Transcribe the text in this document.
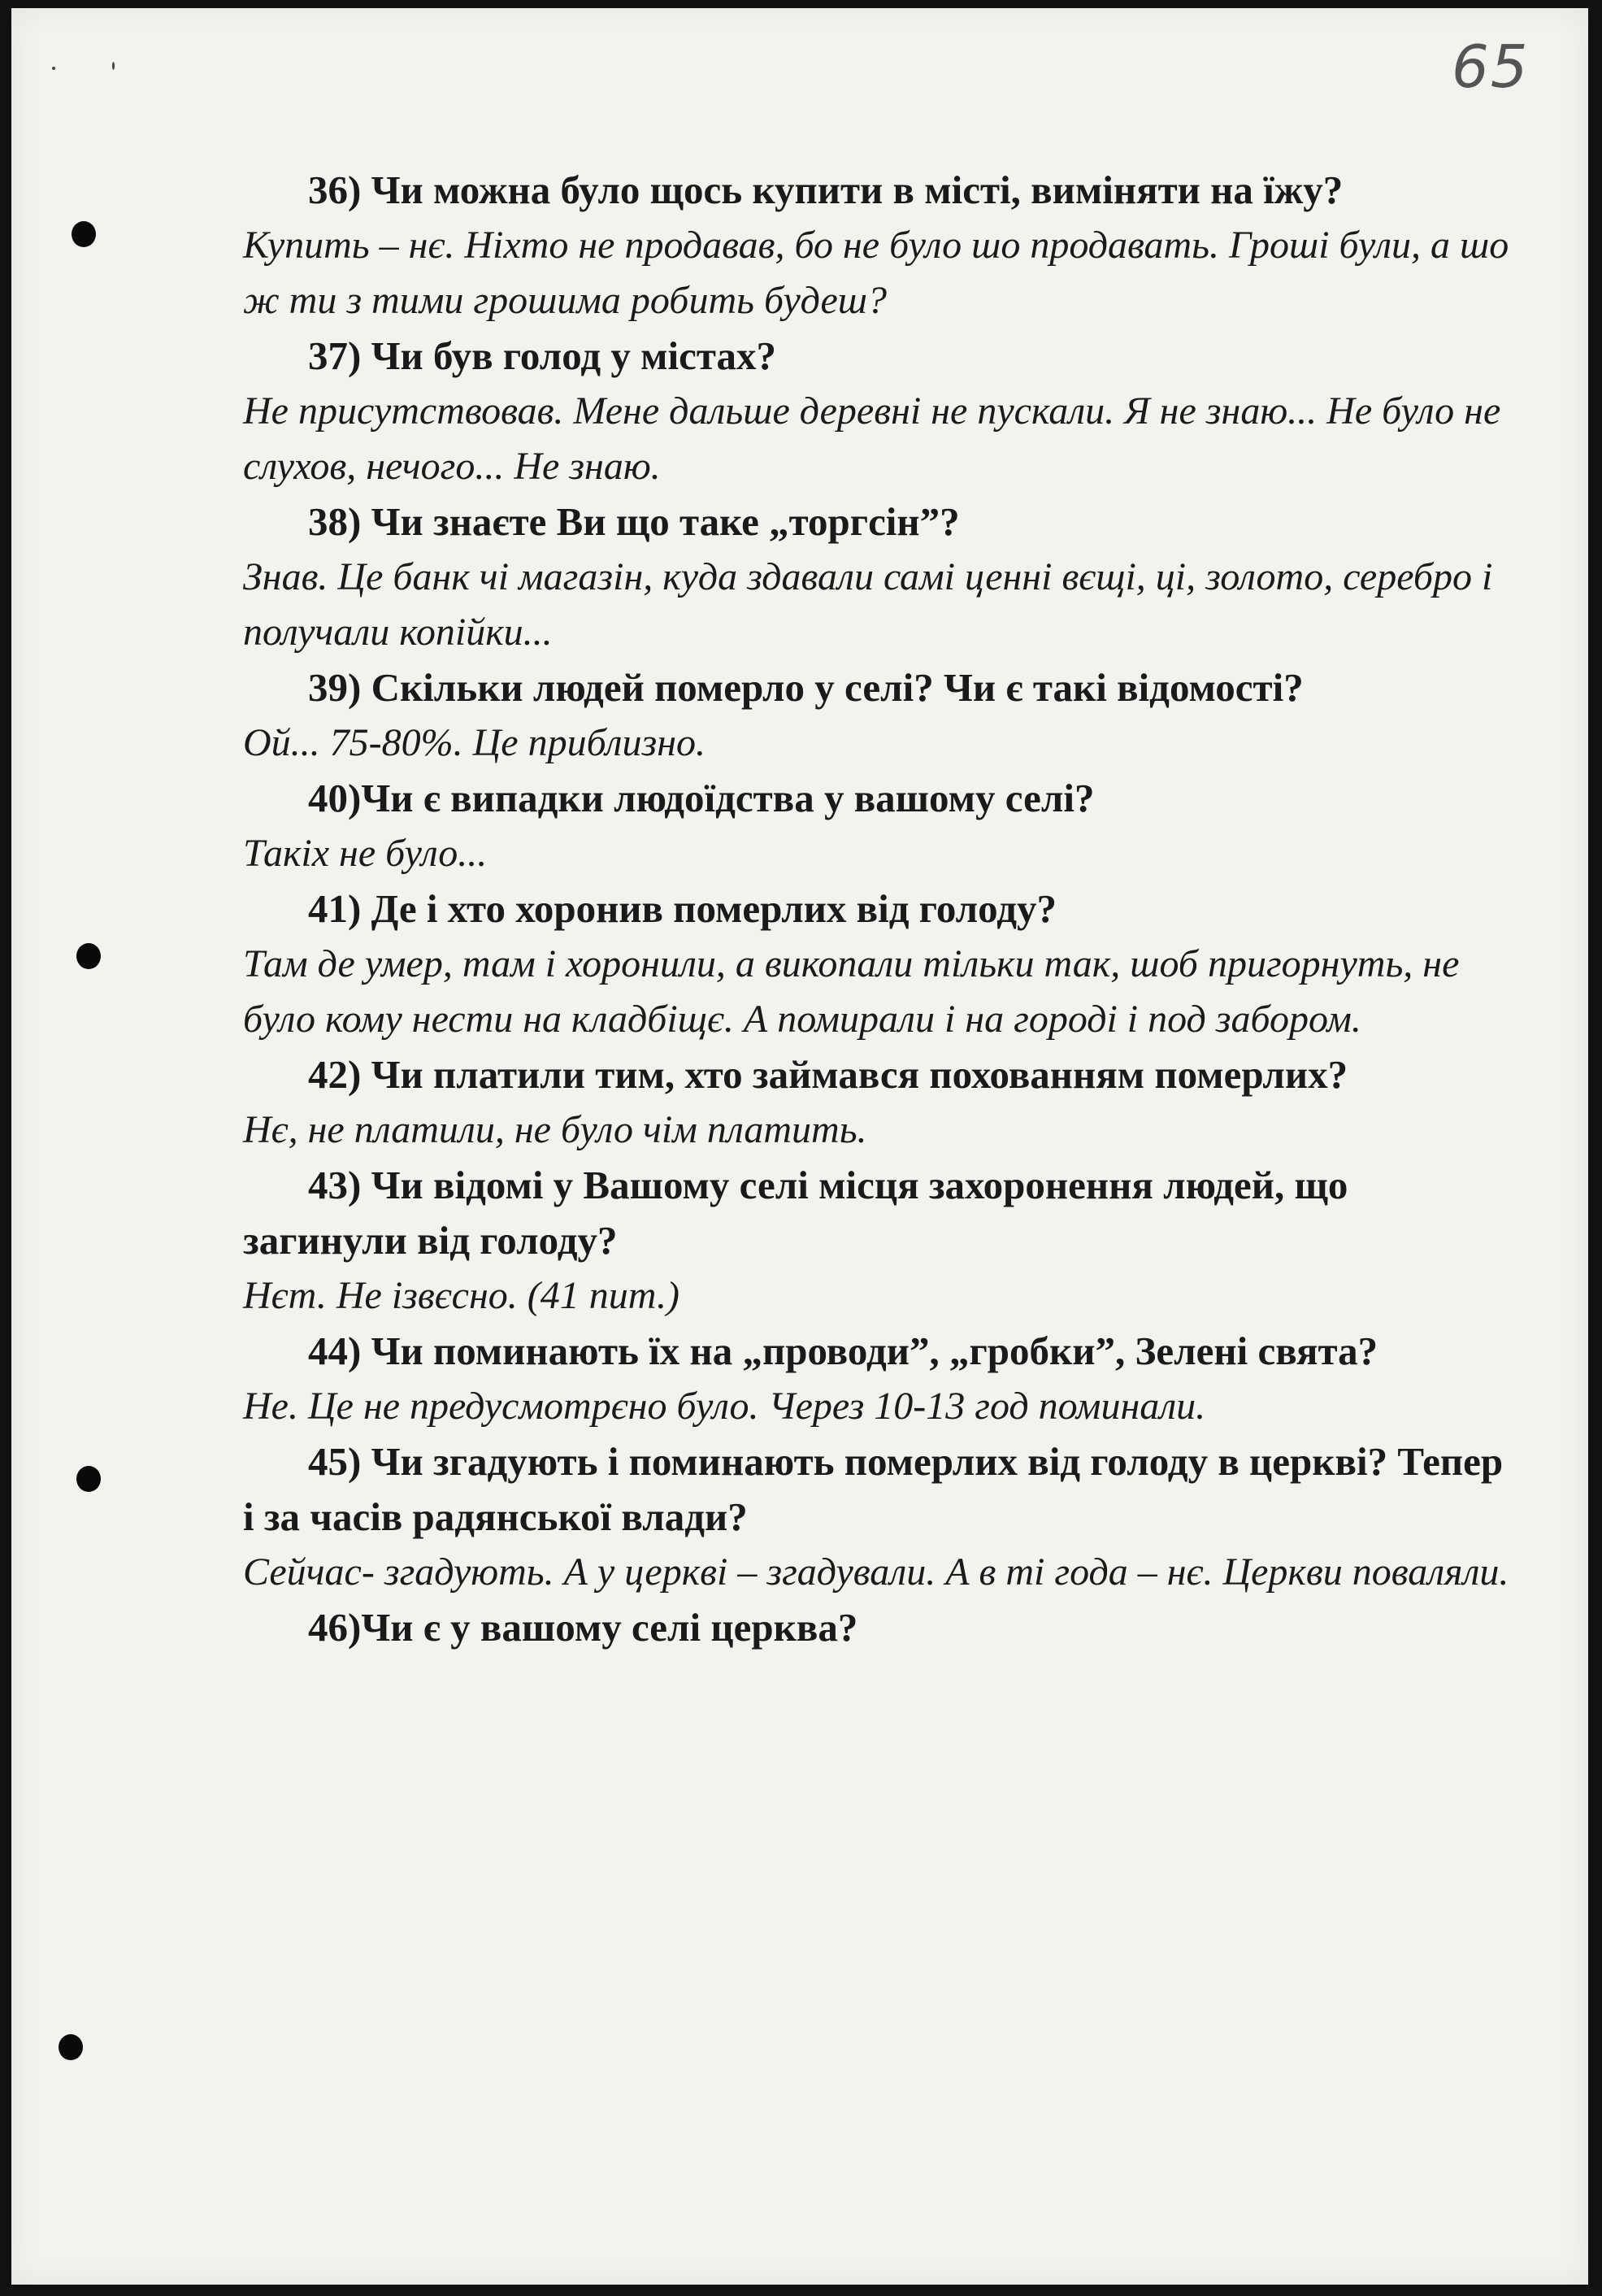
65

36) Чи можна було щось купити в місті, виміняти на їжу?

Купить – нє. Ніхто не продавав, бо не було шо продавать. Гроші були, а шо ж ти з тими грошима робить будеш?

37) Чи був голод у містах?

Не присутствовав. Мене дальше деревні не пускали. Я не знаю... Не було не слухов, нечого... Не знаю.

38) Чи знаєте Ви що таке „торгсін”?

Знав. Це банк чі магазін, куда здавали самі ценні вєщі, ці, золото, серебро і получали копійки...

39) Скільки людей померло у селі? Чи є такі відомості?

Ой... 75-80%. Це приблизно.

40)Чи є випадки людоїдства у вашому селі?

Такіх не було...

41) Де і хто хоронив померлих від голоду?

Там де умер, там і хоронили, а викопали тільки так, шоб пригорнуть, не було кому нести на кладбіщє. А помирали і на городі і под забором.

42) Чи платили тим, хто займався похованням померлих?

Нє, не платили, не було чім платить.

43) Чи відомі у Вашому селі місця захоронення людей, що загинули від голоду?

Нєт. Не ізвєсно. (41 пит.)

44) Чи поминають їх на „проводи”, „гробки”, Зелені свята?

Не. Це не предусмотрєно було. Через 10-13 год поминали.

45) Чи згадують і поминають померлих від голоду в церкві? Тепер і за часів радянської влади?

Сейчас- згадують. А у церкві – згадували. А в ті года – нє. Церкви поваляли.

46)Чи є у вашому селі церква?
